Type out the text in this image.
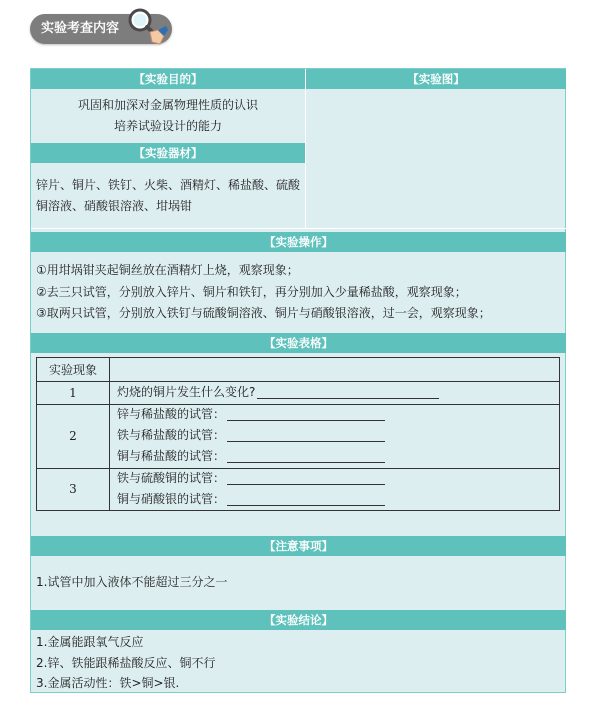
实验考查内容
【实验目的】	【实验图】
巩固和加深对金属物理性质的认识
培养试验设计的能力
【实验器材】
锌片、铜片、铁钉、火柴、酒精灯、稀盐酸、硫酸
铜溶液、硝酸银溶液、坩埚钳
【实验操作】
①用坩埚钳夹起铜丝放在酒精灯上烧，观察现象；
②去三只试管，分别放入锌片、铜片和铁钉，再分别加入少量稀盐酸，观察现象；
③取两只试管，分别放入铁钉与硫酸铜溶液、铜片与硝酸银溶液，过一会，观察现象；
【实验表格】
实验现象
1	灼烧的铜片发生什么变化?
2
锌与稀盐酸的试管：
铁与稀盐酸的试管：
铜与稀盐酸的试管：
3
铁与硫酸铜的试管：
铜与硝酸银的试管：
【注意事项】
1.试管中加入液体不能超过三分之一
【实验结论】
1.金属能跟氧气反应
2.锌、铁能跟稀盐酸反应、铜不行
3.金属活动性：铁>铜>银.
